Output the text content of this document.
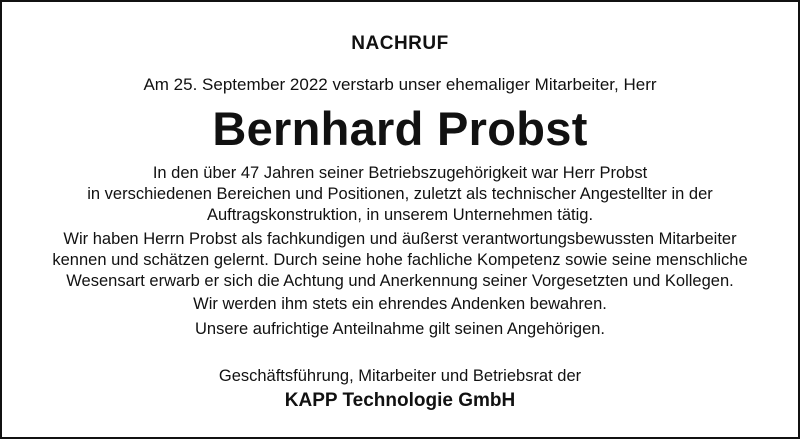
NACHRUF
Am 25. September 2022 verstarb unser ehemaliger Mitarbeiter, Herr
Bernhard Probst
In den über 47 Jahren seiner Betriebszugehörigkeit war Herr Probst
in verschiedenen Bereichen und Positionen, zuletzt als technischer Angestellter in der
Auftragskonstruktion, in unserem Unternehmen tätig.
Wir haben Herrn Probst als fachkundigen und äußerst verantwortungsbewussten Mitarbeiter
kennen und schätzen gelernt. Durch seine hohe fachliche Kompetenz sowie seine menschliche
Wesensart erwarb er sich die Achtung und Anerkennung seiner Vorgesetzten und Kollegen.
Wir werden ihm stets ein ehrendes Andenken bewahren.
Unsere aufrichtige Anteilnahme gilt seinen Angehörigen.
Geschäftsführung, Mitarbeiter und Betriebsrat der
KAPP Technologie GmbH
